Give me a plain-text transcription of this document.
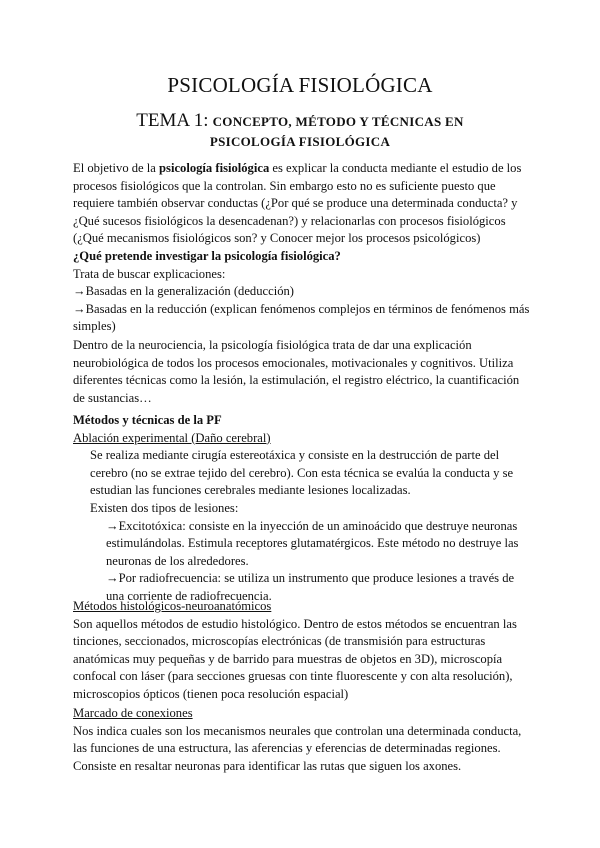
PSICOLOGÍA FISIOLÓGICA
TEMA 1: CONCEPTO, MÉTODO Y TÉCNICAS EN PSICOLOGÍA FISIOLÓGICA

El objetivo de la psicología fisiológica es explicar la conducta mediante el estudio de los procesos fisiológicos que la controlan. Sin embargo esto no es suficiente puesto que requiere también observar conductas (¿Por qué se produce una determinada conducta? y ¿Qué sucesos fisiológicos la desencadenan?) y relacionarlas con procesos fisiológicos (¿Qué mecanismos fisiológicos son? y Conocer mejor los procesos psicológicos)

¿Qué pretende investigar la psicología fisiológica?

Trata de buscar explicaciones:

→Basadas en la generalización (deducción)

→Basadas en la reducción (explican fenómenos complejos en términos de fenómenos más simples)

Dentro de la neurociencia, la psicología fisiológica trata de dar una explicación neurobiológica de todos los procesos emocionales, motivacionales y cognitivos. Utiliza diferentes técnicas como la lesión, la estimulación, el registro eléctrico, la cuantificación de sustancias…

Métodos y técnicas de la PF

Ablación experimental (Daño cerebral)

Se realiza mediante cirugía estereotáxica y consiste en la destrucción de parte del cerebro (no se extrae tejido del cerebro). Con esta técnica se evalúa la conducta y se estudian las funciones cerebrales mediante lesiones localizadas.

Existen dos tipos de lesiones:

→Excitotóxica: consiste en la inyección de un aminoácido que destruye neuronas estimulándolas. Estimula receptores glutamatérgicos. Este método no destruye las neuronas de los alrededores.

→Por radiofrecuencia: se utiliza un instrumento que produce lesiones a través de una corriente de radiofrecuencia.

Métodos histológicos-neuroanatómicos

Son aquellos métodos de estudio histológico. Dentro de estos métodos se encuentran las tinciones, seccionados, microscopías electrónicas (de transmisión para estructuras anatómicas muy pequeñas y de barrido para muestras de objetos en 3D), microscopía confocal con láser (para secciones gruesas con tinte fluorescente y con alta resolución), microscopios ópticos (tienen poca resolución espacial)

Marcado de conexiones

Nos indica cuales son los mecanismos neurales que controlan una determinada conducta, las funciones de una estructura, las aferencias y eferencias de determinadas regiones.

Consiste en resaltar neuronas para identificar las rutas que siguen los axones.
